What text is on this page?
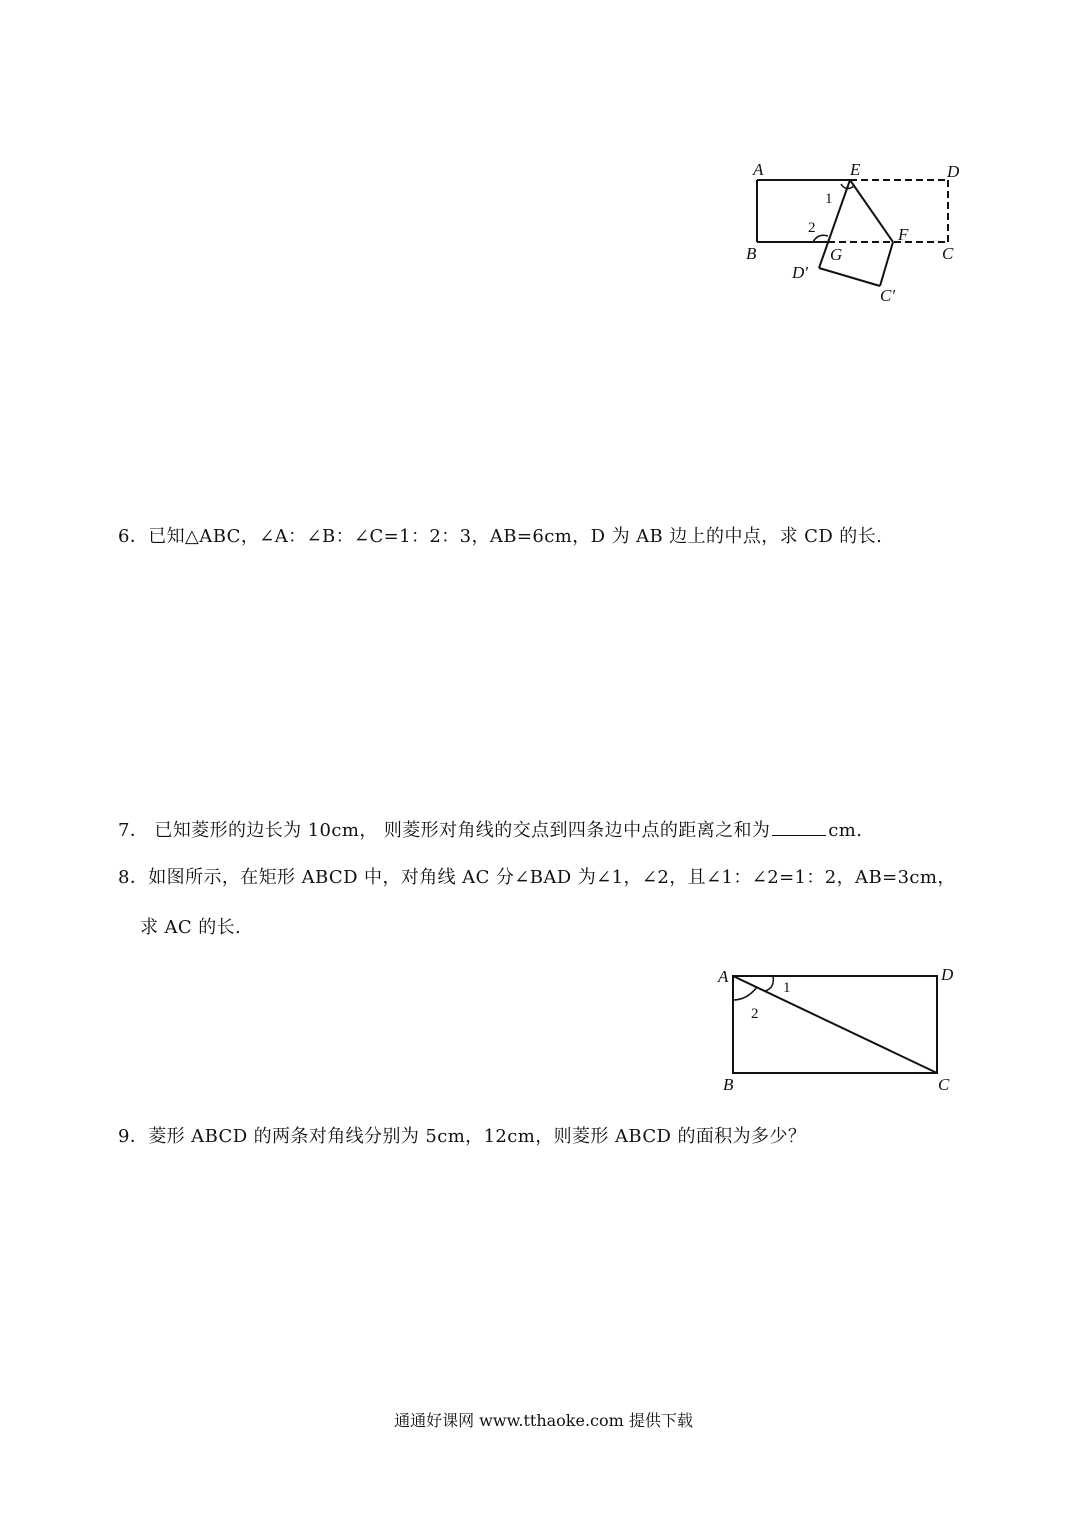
A	E	D
B	G
F
C
D′
C′
1
2
6．已知△ABC，∠A：∠B：∠C=1：2：3，AB=6cm，D 为 AB 边上的中点，求 CD 的长.
7． 已知菱形的边长为 10cm， 则菱形对角线的交点到四条边中点的距离之和为	cm.
8．如图所示，在矩形 ABCD 中，对角线 AC 分∠BAD 为∠1，∠2，且∠1：∠2=1：2，AB=3cm，
求 AC 的长.
A	D
B	C
1
2
9．菱形 ABCD 的两条对角线分别为 5cm，12cm，则菱形 ABCD 的面积为多少？
通通好课网 www.tthaoke.com 提供下载
